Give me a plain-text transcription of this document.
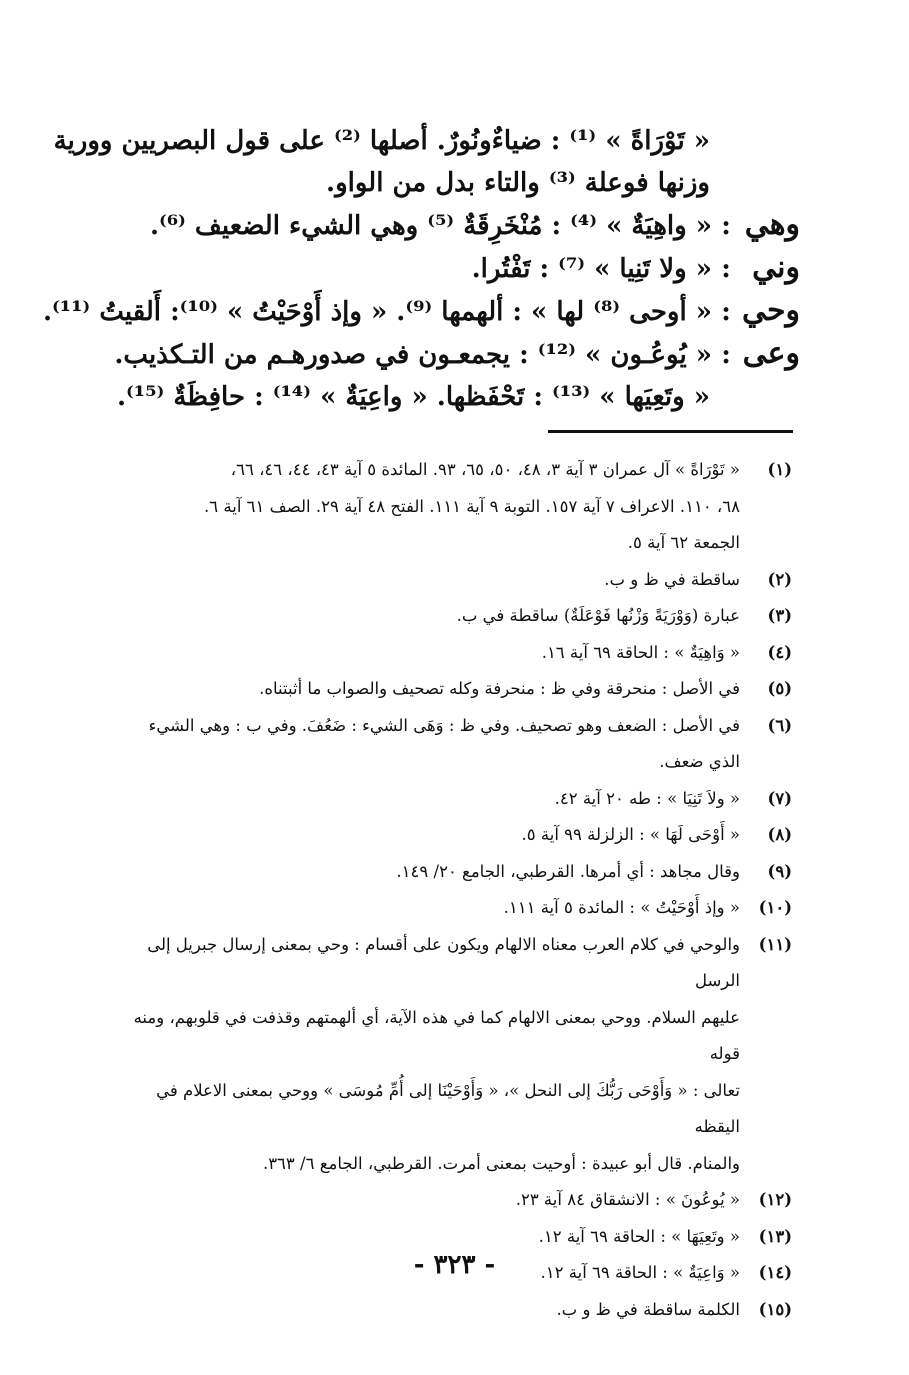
« تَوْرَاةً » ⁽¹⁾ : ضياءٌونُورٌ. أصلها ⁽²⁾ على قول البصريين وورية
وزنها فوعلة ⁽³⁾ والتاء بدل من الواو.
وهي:« واهِيَةٌ » ⁽⁴⁾ : مُنْخَرِقَةٌ ⁽⁵⁾ وهي الشيء الضعيف ⁽⁶⁾.
وني:« ولا تَنِيا » ⁽⁷⁾ : تَفْتُرا.
وحي:« أوحى ⁽⁸⁾ لها » : ألهمها ⁽⁹⁾. « وإذ أَوْحَيْتُ » ⁽¹⁰⁾: أَلقيتُ ⁽¹¹⁾.
وعى:« يُوعُـون » ⁽¹²⁾ : يجمعـون في صدورهـم من التـكذيب.
« وتَعِيَها » ⁽¹³⁾ : تَحْفَظها. « واعِيَةٌ » ⁽¹⁴⁾ : حافِظَةٌ ⁽¹⁵⁾.
(١)
« تَوْرَاةً » آل عمران ٣ آية ٣، ٤٨، ٥٠، ٦٥، ٩٣. المائدة ٥ آية ٤٣، ٤٤، ٤٦، ٦٦،
٦٨، ١١٠. الاعراف ٧ آية ١٥٧. التوبة ٩ آية ١١١. الفتح ٤٨ آية ٢٩. الصف ٦١ آية ٦.
الجمعة ٦٢ آية ٥.
(٢)
ساقطة في ظ و ب.
(٣)
عبارة (وَوْرَيَةً وَزْنُها فَوْعَلَةٌ) ساقطة في ب.
(٤)
« وَاهِيَةٌ » : الحاقة ٦٩ آية ١٦.
(٥)
في الأصل : منحرقة وفي ظ : منحرفة وكله تصحيف والصواب ما أثبتناه.
(٦)
في الأصل : الضعف وهو تصحيف. وفي ظ : وَهَى الشيء : ضَعُفَ. وفي ب : وهي الشيء
الذي ضعف.
(٧)
« ولاَ تَنِيَا » : طه ٢٠ آية ٤٢.
(٨)
« أَوْحَى لَهَا » : الزلزلة ٩٩ آية ٥.
(٩)
وقال مجاهد : أي أمرها. القرطبي، الجامع ٢٠/ ١٤٩.
(١٠)
« وإذ أَوْحَيْتُ » : المائدة ٥ آية ١١١.
(١١)
والوحي في كلام العرب معناه الالهام ويكون على أقسام : وحي بمعنى إرسال جبريل إلى الرسل
عليهم السلام. ووحي بمعنى الالهام كما في هذه الآية، أي ألهمتهم وقذفت في قلوبهم، ومنه قوله
تعالى : « وَأَوْحَى رَبُّكَ إلى النحل »، « وَأَوْحَيْنَا إلى أُمِّ مُوسَى » ووحي بمعنى الاعلام في اليقظه
والمنام. قال أبو عبيدة : أوحيت بمعنى أمرت. القرطبي، الجامع ٦/ ٣٦٣.
(١٢)
« يُوعُونَ » : الانشقاق ٨٤ آية ٢٣.
(١٣)
« وتَعِيَهَا » : الحاقة ٦٩ آية ١٢.
(١٤)
« وَاعِيَةٌ » : الحاقة ٦٩ آية ١٢.
(١٥)
الكلمة ساقطة في ظ و ب.
- ٣٢٣ -
